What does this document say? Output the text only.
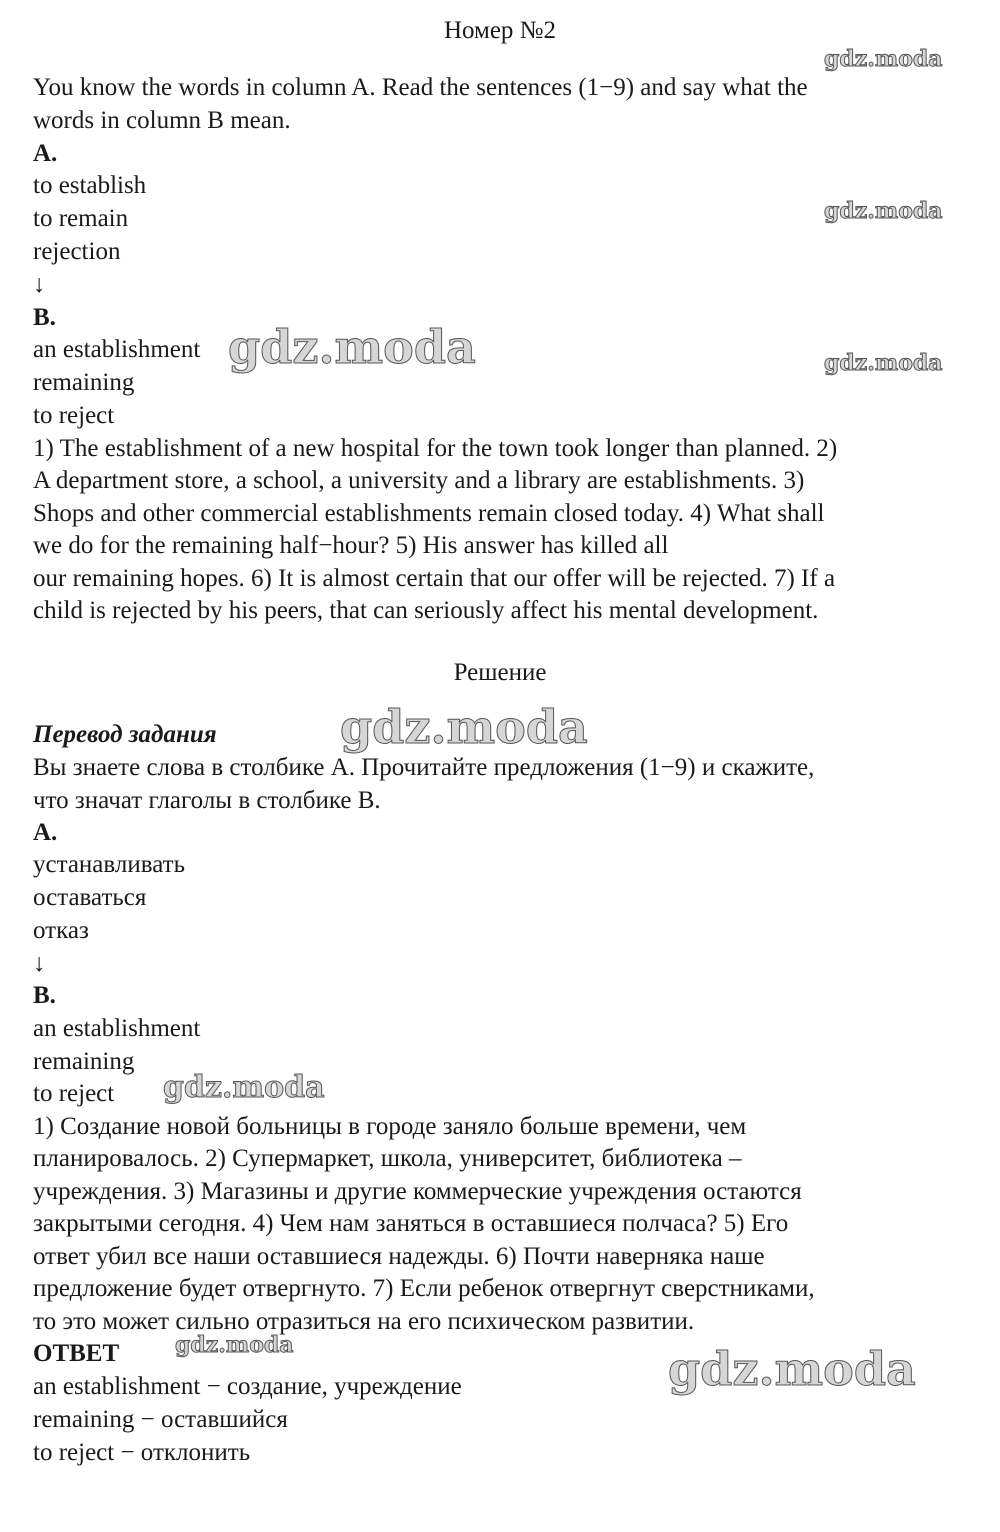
Номер №2

You know the words in column A. Read the sentences (1−9) and say what the

words in column B mean.

A.

to establish

to remain

rejection

↓

B.

an establishment

remaining

to reject

1) The establishment of a new hospital for the town took longer than planned. 2)

A department store, a school, a university and a library are establishments. 3)

Shops and other commercial establishments remain closed today. 4) What shall

we do for the remaining half−hour? 5) His answer has killed all

our remaining hopes. 6) It is almost certain that our offer will be rejected. 7) If a

child is rejected by his peers, that can seriously affect his mental development.

Решение

Перевод задания

Вы знаете слова в столбике А. Прочитайте предложения (1−9) и скажите,

что значат глаголы в столбике В.

A.

устанавливать

оставаться

отказ

↓

B.

an establishment

remaining

to reject

1) Создание новой больницы в городе заняло больше времени, чем

планировалось. 2) Супермаркет, школа, университет, библиотека –

учреждения. 3) Магазины и другие коммерческие учреждения остаются

закрытыми сегодня. 4) Чем нам заняться в оставшиеся полчаса? 5) Его

ответ убил все наши оставшиеся надежды. 6) Почти наверняка наше

предложение будет отвергнуто. 7) Если ребенок отвергнут сверстниками,

то это может сильно отразиться на его психическом развитии.

ОТВЕТ

an establishment − создание, учреждение

remaining − оставшийся

to reject − отклонить

gdz.moda
gdz.moda
gdz.moda
gdz.moda
gdz.moda
gdz.moda
gdz.moda	gdz.moda
